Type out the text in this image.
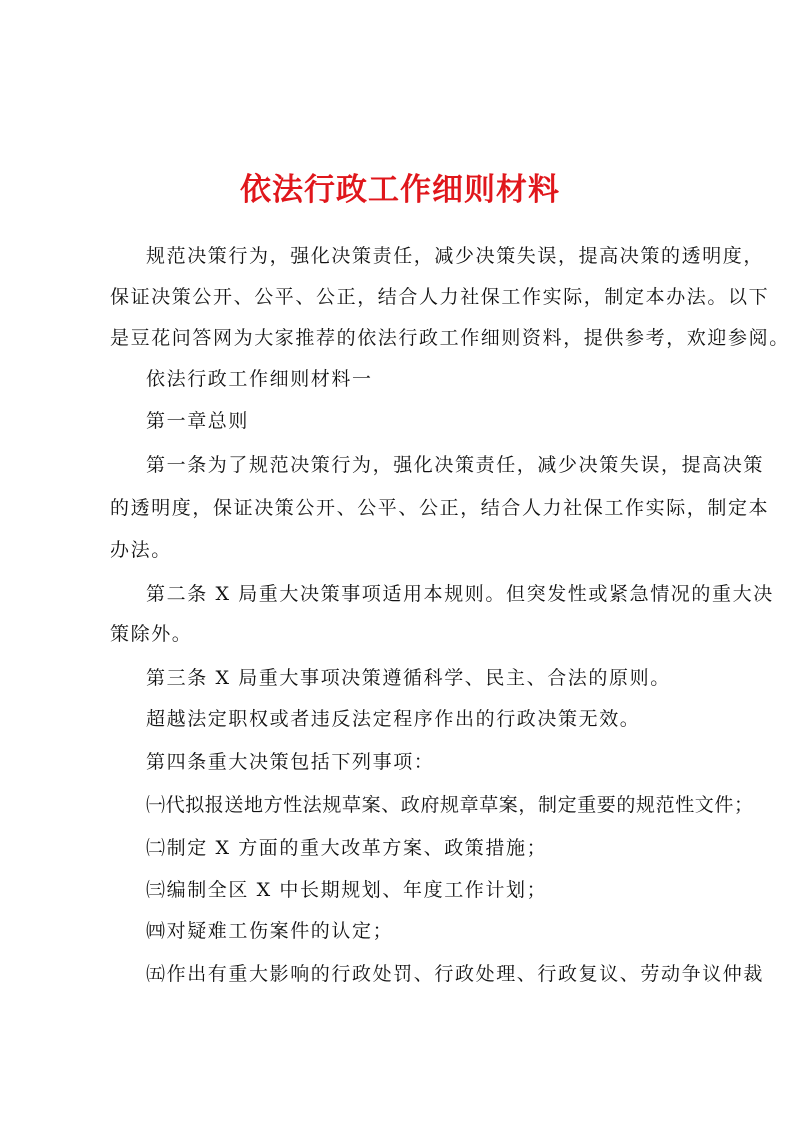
依法行政工作细则材料
规范决策行为，强化决策责任，减少决策失误，提高决策的透明度，
保证决策公开、公平、公正，结合人力社保工作实际，制定本办法。以下
是豆花问答网为大家推荐的依法行政工作细则资料，提供参考，欢迎参阅。
依法行政工作细则材料一
第一章总则
第一条为了规范决策行为，强化决策责任，减少决策失误，提高决策
的透明度，保证决策公开、公平、公正，结合人力社保工作实际，制定本
办法。
第二条 X 局重大决策事项适用本规则。但突发性或紧急情况的重大决
策除外。
第三条 X 局重大事项决策遵循科学、民主、合法的原则。
超越法定职权或者违反法定程序作出的行政决策无效。
第四条重大决策包括下列事项：
㈠代拟报送地方性法规草案、政府规章草案，制定重要的规范性文件；
㈡制定 X 方面的重大改革方案、政策措施；
㈢编制全区 X 中长期规划、年度工作计划；
㈣对疑难工伤案件的认定；
㈤作出有重大影响的行政处罚、行政处理、行政复议、劳动争议仲裁
